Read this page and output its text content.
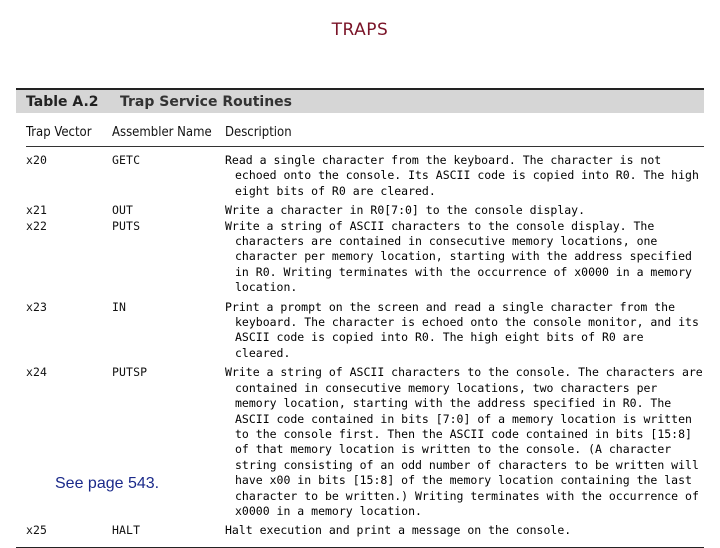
TRAPS
Table A.2	Trap Service Routines
Trap Vector	Assembler Name	Description
x20	GETC	Read a single character from the keyboard. The character is not echoed onto the console. Its ASCII code is copied into R0. The high eight bits of R0 are cleared.
x21	OUT	Write a character in R0[7:0] to the console display.
x22	PUTS	Write a string of ASCII characters to the console display. The characters are contained in consecutive memory locations, one character per memory location, starting with the address specified in R0. Writing terminates with the occurrence of x0000 in a memory location.
x23	IN	Print a prompt on the screen and read a single character from the keyboard. The character is echoed onto the console monitor, and its ASCII code is copied into R0. The high eight bits of R0 are cleared.
x24	PUTSP	Write a string of ASCII characters to the console. The characters are contained in consecutive memory locations, two characters per memory location, starting with the address specified in R0. The ASCII code contained in bits [7:0] of a memory location is written to the console first. Then the ASCII code contained in bits [15:8] of that memory location is written to the console. (A character string consisting of an odd number of characters to be written will have x00 in bits [15:8] of the memory location containing the last character to be written.) Writing terminates with the occurrence of x0000 in a memory location.
x25	HALT	Halt execution and print a message on the console.
See page 543.
